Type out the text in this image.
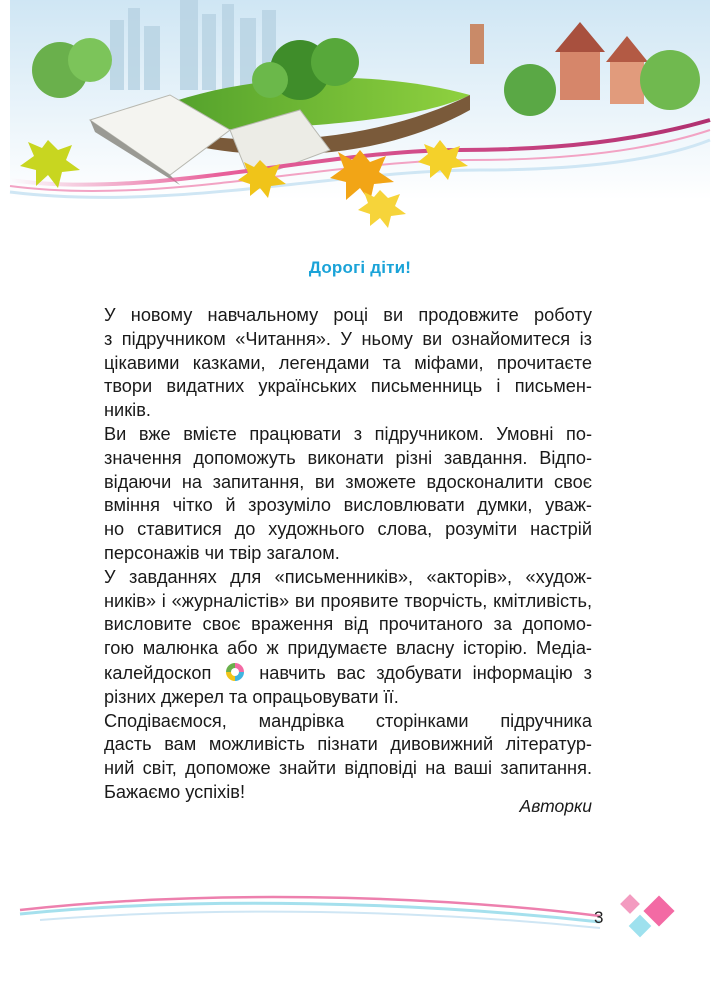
Дорогі діти!
У новому навчальному році ви продовжите роботу
з підручником «Читання». У ньому ви ознайомитеся із
цікавими казками, легендами та міфами, прочитаєте
твори видатних українських письменниць і письмен-
ників.
Ви вже вмієте працювати з підручником. Умовні по-
значення допоможуть виконати різні завдання. Відпо-
відаючи на запитання, ви зможете вдосконалити своє
вміння чітко й зрозуміло висловлювати думки, уваж-
но ставитися до художнього слова, розуміти настрій
персонажів чи твір загалом.
У завданнях для «письменників», «акторів», «худож-
ників» і «журналістів» ви проявите творчість, кмітливість,
висловите своє враження від прочитаного за допомо-
гою малюнка або ж придумаєте власну історію. Медіа-
калейдоскоп	навчить вас здобувати інформацію з
різних джерел та опрацьовувати її.
Сподіваємося, мандрівка сторінками підручника
дасть вам можливість пізнати дивовижний літератур-
ний світ, допоможе знайти відповіді на ваші запитання.
Бажаємо успіхів!
Авторки
3
